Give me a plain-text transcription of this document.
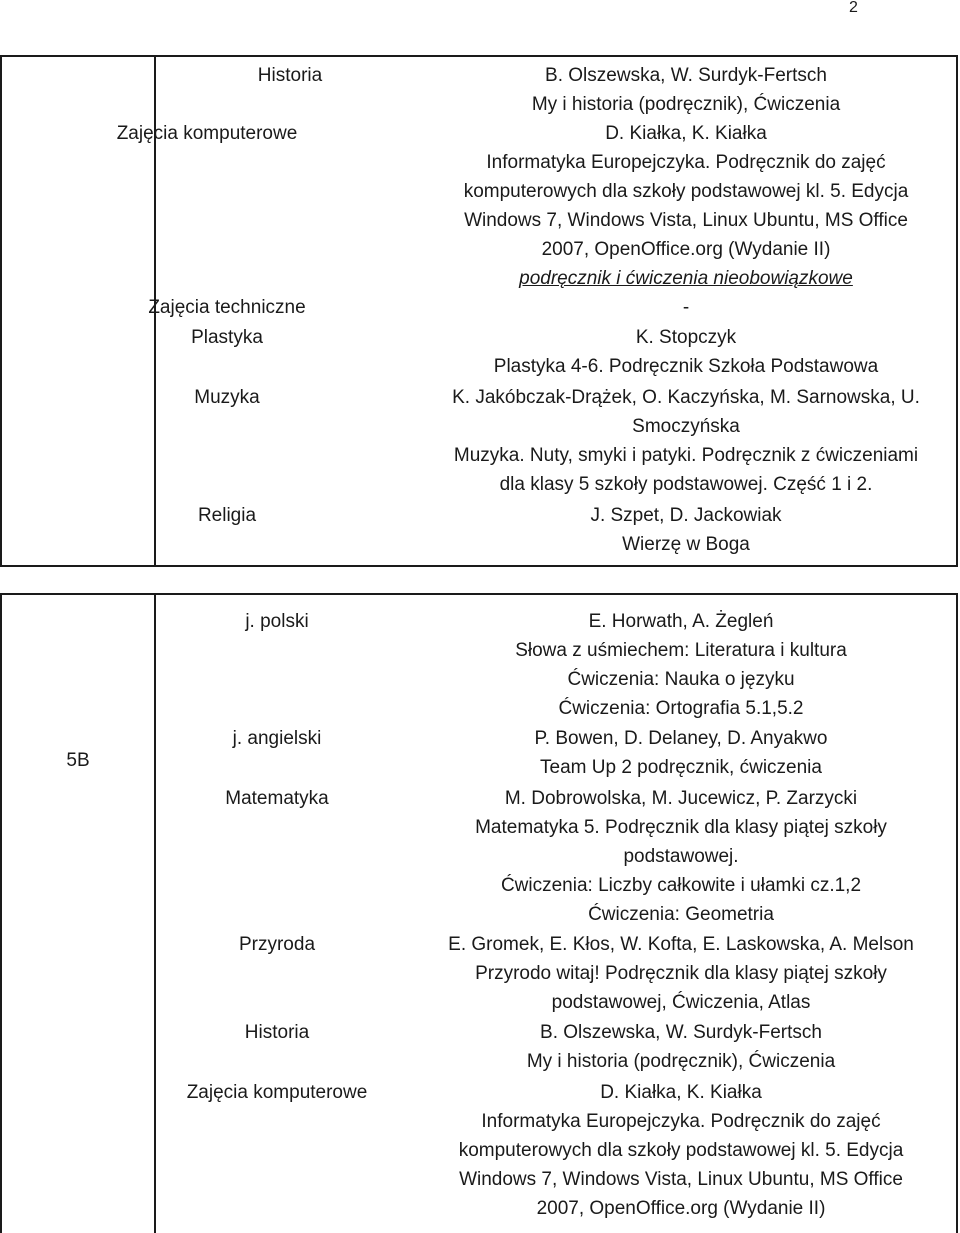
2
Historia	B. Olszewska, W. Surdyk-Fertsch
My i historia (podręcznik), Ćwiczenia
Zajęcia komputerowe	D. Kiałka, K. Kiałka
Informatyka Europejczyka. Podręcznik do zajęć
komputerowych dla szkoły podstawowej kl. 5. Edycja
Windows 7, Windows Vista, Linux Ubuntu, MS Office
2007, OpenOffice.org (Wydanie II)
podręcznik i ćwiczenia nieobowiązkowe
Zajęcia techniczne	-
Plastyka	K. Stopczyk
Plastyka 4-6. Podręcznik Szkoła Podstawowa
Muzyka	K. Jakóbczak-Drążek, O. Kaczyńska, M. Sarnowska, U.
Smoczyńska
Muzyka. Nuty, smyki i patyki. Podręcznik z ćwiczeniami
dla klasy 5 szkoły podstawowej. Część 1 i 2.
Religia	J. Szpet, D. Jackowiak
Wierzę w Boga
5B
j. polski	E. Horwath, A. Żegleń
Słowa z uśmiechem: Literatura i kultura
Ćwiczenia: Nauka o języku
Ćwiczenia: Ortografia 5.1,5.2
j. angielski	P. Bowen, D. Delaney, D. Anyakwo
Team Up 2 podręcznik, ćwiczenia
Matematyka	M. Dobrowolska, M. Jucewicz, P. Zarzycki
Matematyka 5. Podręcznik dla klasy piątej szkoły
podstawowej.
Ćwiczenia: Liczby całkowite i ułamki cz.1,2
Ćwiczenia: Geometria
Przyroda	E. Gromek, E. Kłos, W. Kofta, E. Laskowska, A. Melson
Przyrodo witaj! Podręcznik dla klasy piątej szkoły
podstawowej, Ćwiczenia, Atlas
Historia	B. Olszewska, W. Surdyk-Fertsch
My i historia (podręcznik), Ćwiczenia
Zajęcia komputerowe	D. Kiałka, K. Kiałka
Informatyka Europejczyka. Podręcznik do zajęć
komputerowych dla szkoły podstawowej kl. 5. Edycja
Windows 7, Windows Vista, Linux Ubuntu, MS Office
2007, OpenOffice.org (Wydanie II)
